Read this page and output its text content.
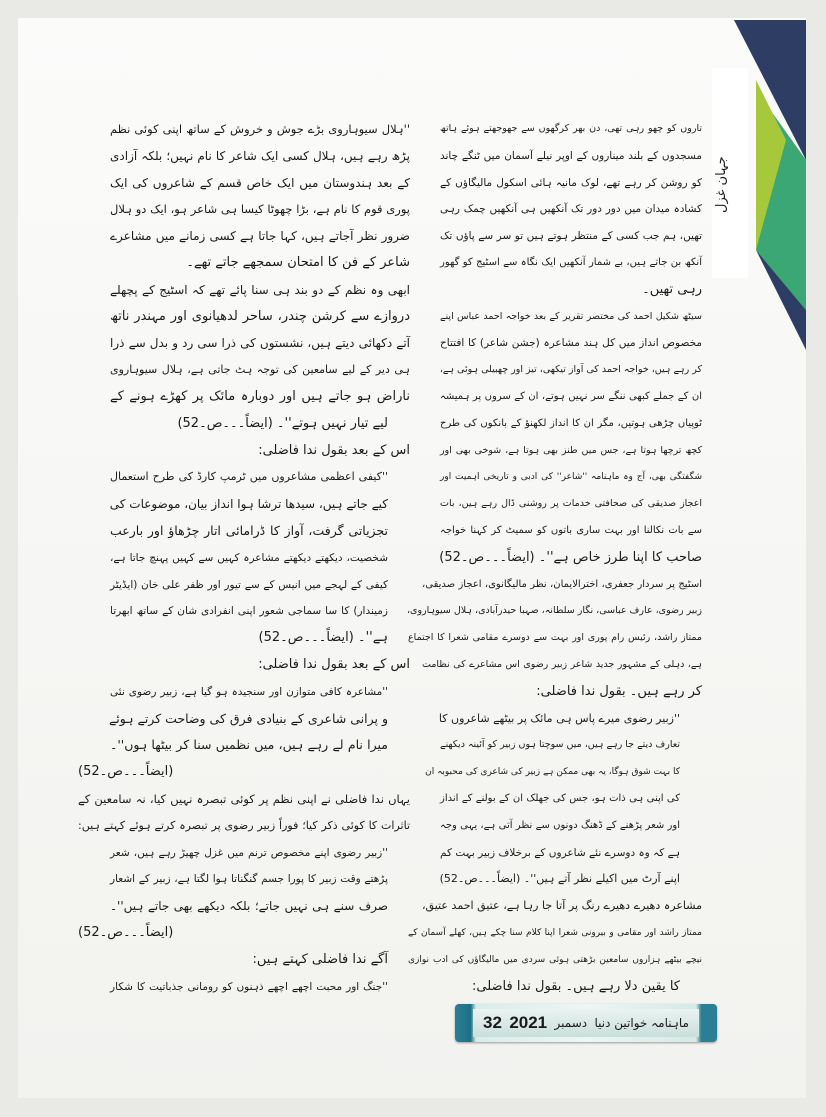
جہان غزل
تاروں کو چھو رہی تھی، دن بھر کرگھوں سے جھوجھتے ہوئے ہاتھ
مسجدوں کے بلند میناروں کے اوپر نیلے آسمان میں ٹنگے چاند
کو روشن کر رہے تھے، لوک مانیہ ہائی اسکول مالیگاؤں کے
کشادہ میدان میں دور دور تک آنکھیں ہی آنکھیں چمک رہی
تھیں، ہم جب کسی کے منتظر ہوتے ہیں تو سر سے پاؤں تک
آنکھ بن جاتے ہیں، بے شمار آنکھیں ایک نگاہ سے اسٹیج کو گھور
رہی تھیں۔
سیٹھ شکیل احمد کی مختصر تقریر کے بعد خواجہ احمد عباس اپنے
مخصوص انداز میں کل ہند مشاعرہ (جشن شاعر) کا افتتاح
کر رہے ہیں، خواجہ احمد کی آواز تیکھی، تیز اور چھبیلی ہوئی ہے،
ان کے جملے کبھی ننگے سر نہیں ہوتے، ان کے سروں پر ہمیشہ
ٹوپیاں چڑھی ہوتیں، مگر ان کا انداز لکھنؤ کے بانکوں کی طرح
کچھ ترچھا ہوتا ہے، جس میں طنز بھی ہوتا ہے، شوخی بھی اور
شگفتگی بھی، آج وہ ماہنامہ ''شاعر'' کی ادبی و تاریخی اہمیت اور
اعجاز صدیقی کی صحافتی خدمات پر روشنی ڈال رہے ہیں، بات
سے بات نکالنا اور بہت ساری باتوں کو سمیٹ کر کہنا خواجہ
صاحب کا اپنا طرز خاص ہے''۔ (ایضاً۔۔۔ص۔52)
اسٹیج پر سردار جعفری، اخترالایمان، نظر مالیگانوی، اعجاز صدیقی،
زبیر رضوی، عارف عباسی، نگار سلطانہ، صہبا حیدرآبادی، ہلال سیوہاروی،
ممتاز راشد، رئیس رام پوری اور بہت سے دوسرے مقامی شعرا کا اجتماع
ہے، دہلی کے مشہور جدید شاعر زبیر رضوی اس مشاعرے کی نظامت
کر رہے ہیں۔ بقول ندا فاضلی:
''زبیر رضوی میرے پاس ہی مائک پر بیٹھے شاعروں کا
تعارف دیتے جا رہے ہیں، میں سوچتا ہوں زبیر کو آئینہ دیکھنے
کا بہت شوق ہوگا، یہ بھی ممکن ہے زبیر کی شاعری کی محبوبہ ان
کی اپنی ہی ذات ہو، جس کی جھلک ان کے بولنے کے انداز
اور شعر پڑھنے کے ڈھنگ دونوں سے نظر آتی ہے، یہی وجہ
ہے کہ وہ دوسرے نئے شاعروں کے برخلاف زبیر بہت کم
اپنے آرٹ میں اکیلے نظر آتے ہیں''۔ (ایضاً۔۔۔ص۔52)
مشاعرہ دھیرے دھیرے رنگ پر آتا جا رہا ہے، عتیق احمد عتیق،
ممتاز راشد اور مقامی و بیرونی شعرا اپنا کلام سنا چکے ہیں، کھلے آسمان کے
نیچے بیٹھے ہزاروں سامعین بڑھتی ہوئی سردی میں مالیگاؤں کی ادب نوازی
کا یقین دلا رہے ہیں۔ بقول ندا فاضلی:
''ہلال سیوہاروی بڑے جوش و خروش کے ساتھ اپنی کوئی نظم
پڑھ رہے ہیں، ہلال کسی ایک شاعر کا نام نہیں؛ بلکہ آزادی
کے بعد ہندوستان میں ایک خاص قسم کے شاعروں کی ایک
پوری قوم کا نام ہے، بڑا چھوٹا کیسا ہی شاعر ہو، ایک دو ہلال
ضرور نظر آجاتے ہیں، کہا جاتا ہے کسی زمانے میں مشاعرے
شاعر کے فن کا امتحان سمجھے جاتے تھے۔
ابھی وہ نظم کے دو بند ہی سنا پائے تھے کہ اسٹیج کے پچھلے
دروازے سے کرشن چندر، ساحر لدھیانوی اور مہندر ناتھ
آتے دکھائی دیتے ہیں، نشستوں کی ذرا سی رد و بدل سے ذرا
ہی دیر کے لیے سامعین کی توجہ ہٹ جاتی ہے، ہلال سیوہاروی
ناراض ہو جاتے ہیں اور دوبارہ مائک پر کھڑے ہونے کے
لیے تیار نہیں ہوتے''۔ (ایضاً۔۔۔ص۔52)
اس کے بعد بقول ندا فاضلی:
''کیفی اعظمی مشاعروں میں ٹرمپ کارڈ کی طرح استعمال
کیے جاتے ہیں، سیدھا ترشا ہوا انداز بیان، موضوعات کی
تجزیاتی گرفت، آواز کا ڈرامائی اتار چڑھاؤ اور بارعب
شخصیت، دیکھتے دیکھتے مشاعرہ کہیں سے کہیں پہنچ جاتا ہے،
کیفی کے لہجے میں انیس کے سے تیور اور ظفر علی خان (ایڈیٹر
زمیندار) کا سا سماجی شعور اپنی انفرادی شان کے ساتھ ابھرتا
ہے''۔ (ایضاً۔۔۔ص۔52)
اس کے بعد بقول ندا فاضلی:
''مشاعرہ کافی متوازن اور سنجیدہ ہو گیا ہے، زبیر رضوی نئی
و پرانی شاعری کے بنیادی فرق کی وضاحت کرتے ہوئے
میرا نام لے رہے ہیں، میں نظمیں سنا کر بیٹھا ہوں''۔
(ایضاً۔۔۔ص۔52)
یہاں ندا فاضلی نے اپنی نظم پر کوئی تبصرہ نہیں کیا، نہ سامعین کے
تاثرات کا کوئی ذکر کیا؛ فوراً زبیر رضوی پر تبصرہ کرتے ہوئے کہتے ہیں:
''زبیر رضوی اپنے مخصوص ترنم میں غزل چھیڑ رہے ہیں، شعر
پڑھتے وقت زبیر کا پورا جسم گنگناتا ہوا لگتا ہے، زبیر کے اشعار
صرف سنے ہی نہیں جاتے؛ بلکہ دیکھے بھی جاتے ہیں''۔
(ایضاً۔۔۔ص۔52)
آگے ندا فاضلی کہتے ہیں:
''جنگ اور محبت اچھے اچھے ذہنوں کو رومانی جذباتیت کا شکار
32 2021 دسمبر ماہنامہ خواتین دنیا
